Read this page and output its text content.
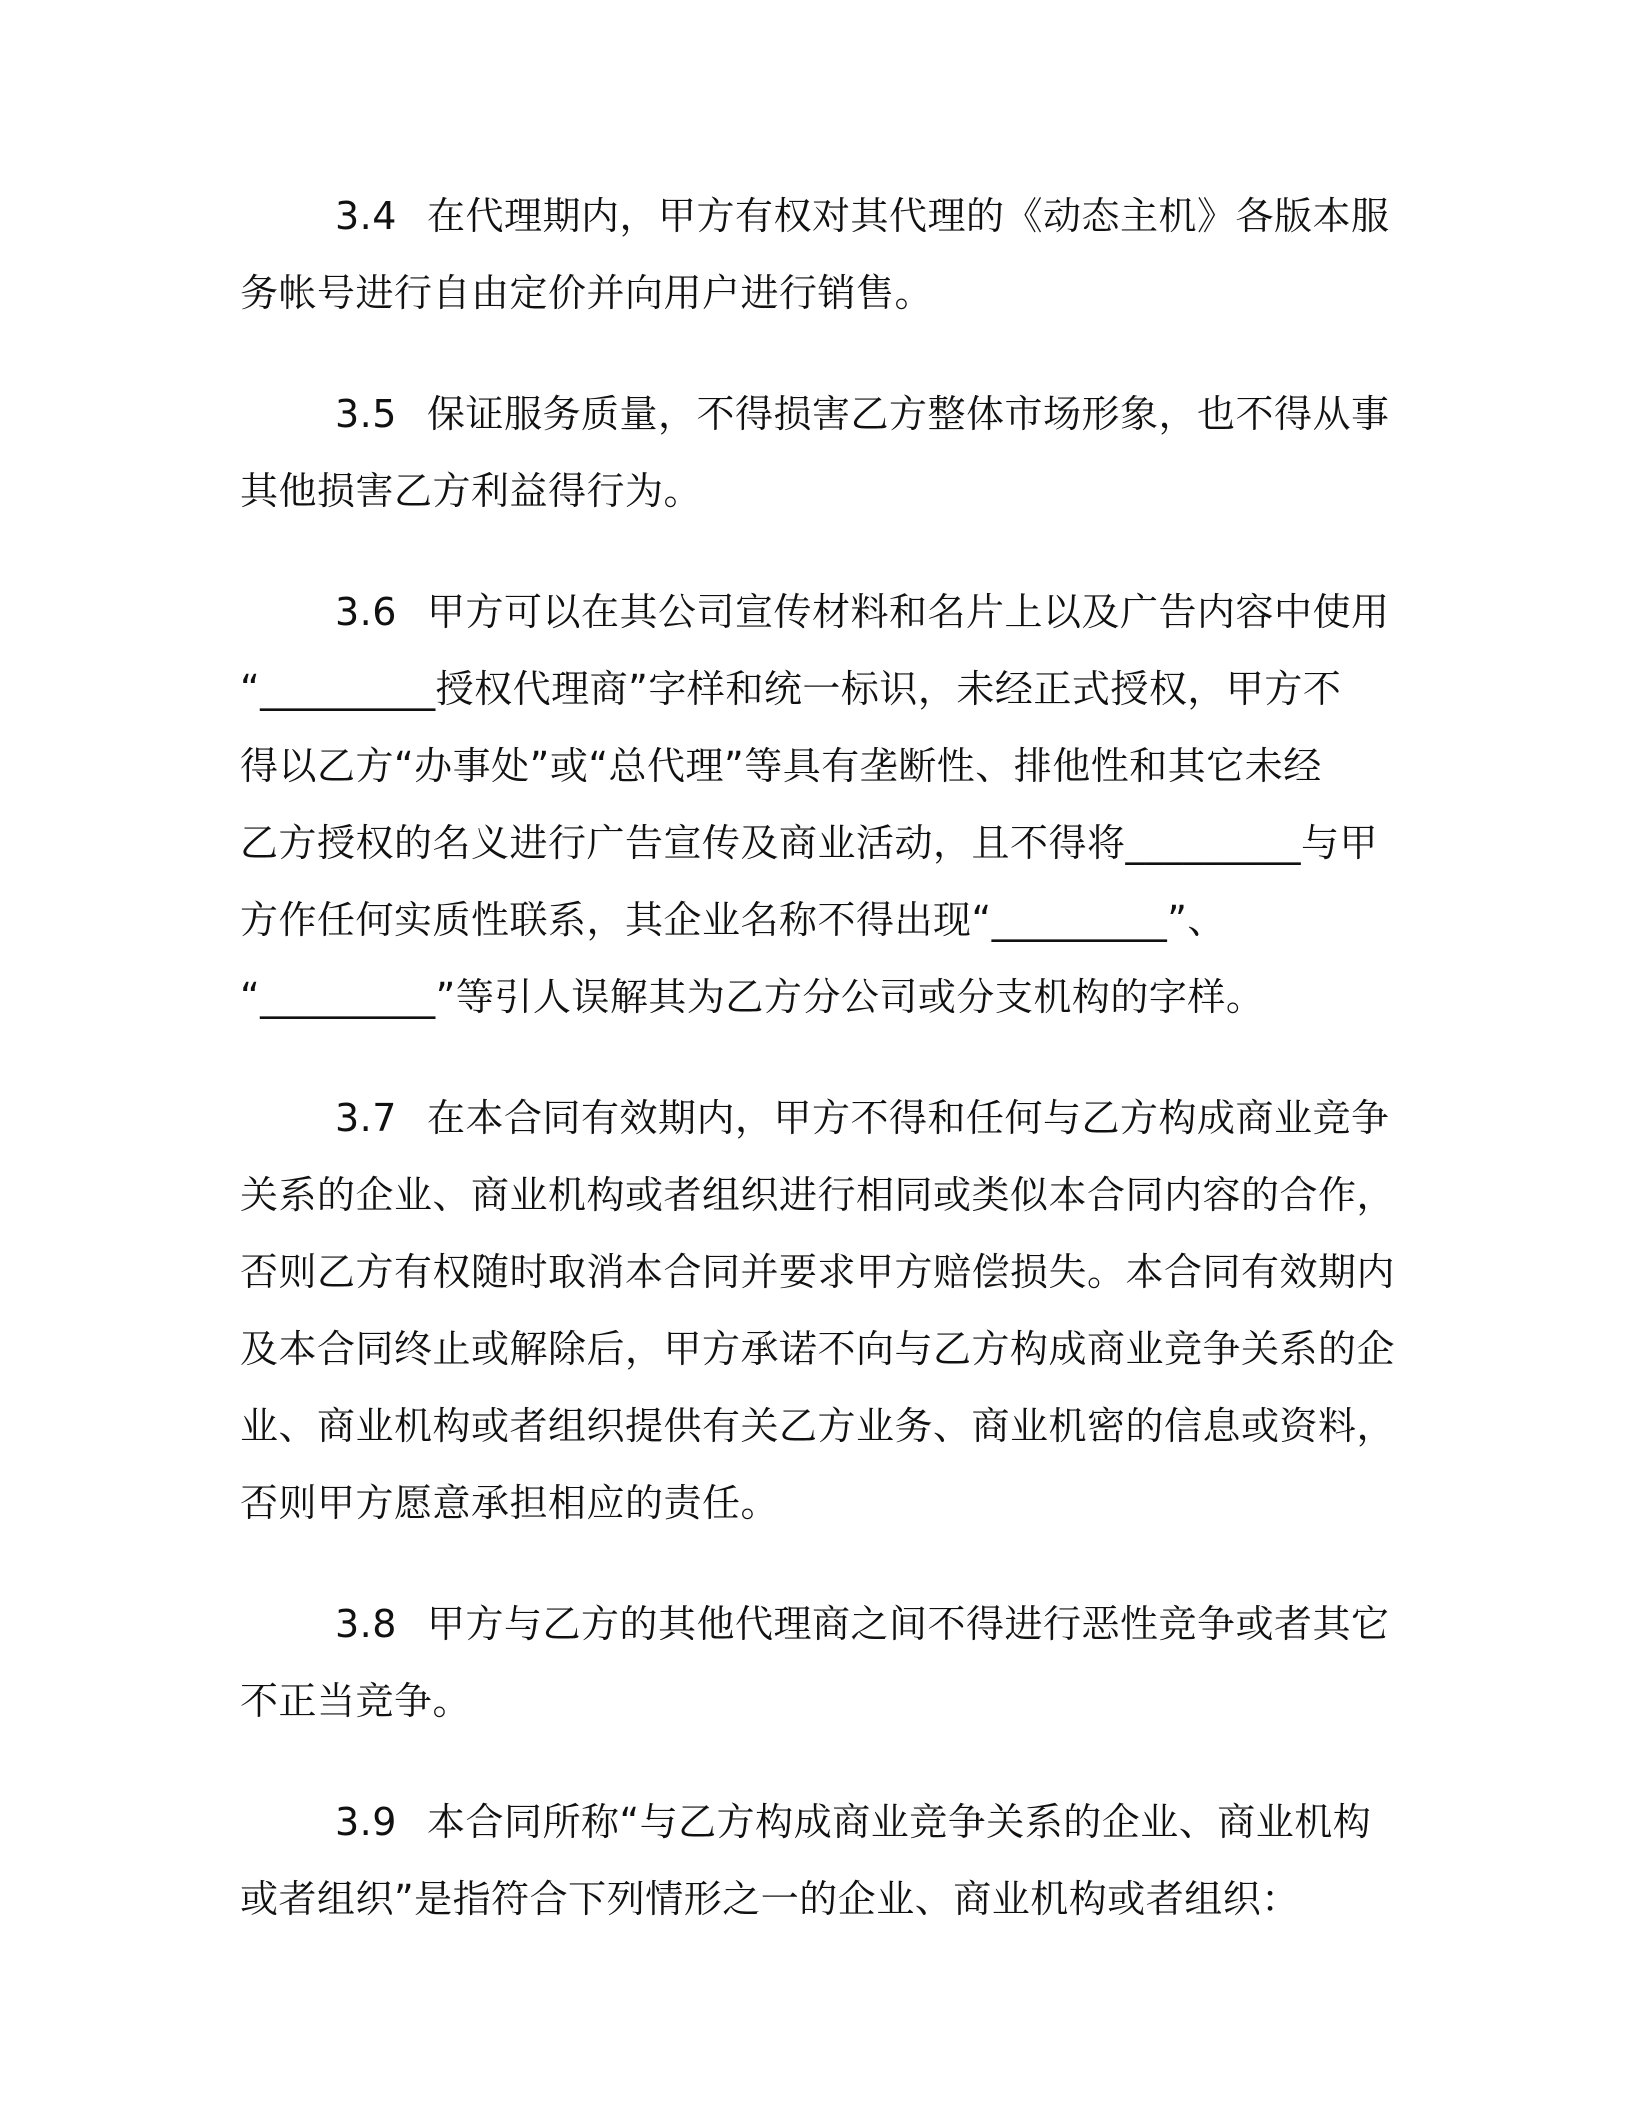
3.4 在代理期内，甲方有权对其代理的《动态主机》各版本服
务帐号进行自由定价并向用户进行销售。
3.5 保证服务质量，不得损害乙方整体市场形象，也不得从事
其他损害乙方利益得行为。
3.6 甲方可以在其公司宣传材料和名片上以及广告内容中使用
“_________授权代理商”字样和统一标识，未经正式授权，甲方不
得以乙方“办事处”或“总代理”等具有垄断性、排他性和其它未经
乙方授权的名义进行广告宣传及商业活动，且不得将_________与甲
方作任何实质性联系，其企业名称不得出现“_________”、
“_________”等引人误解其为乙方分公司或分支机构的字样。
3.7 在本合同有效期内，甲方不得和任何与乙方构成商业竞争
关系的企业、商业机构或者组织进行相同或类似本合同内容的合作，
否则乙方有权随时取消本合同并要求甲方赔偿损失。本合同有效期内
及本合同终止或解除后，甲方承诺不向与乙方构成商业竞争关系的企
业、商业机构或者组织提供有关乙方业务、商业机密的信息或资料，
否则甲方愿意承担相应的责任。
3.8 甲方与乙方的其他代理商之间不得进行恶性竞争或者其它
不正当竞争。
3.9 本合同所称“与乙方构成商业竞争关系的企业、商业机构
或者组织”是指符合下列情形之一的企业、商业机构或者组织：
